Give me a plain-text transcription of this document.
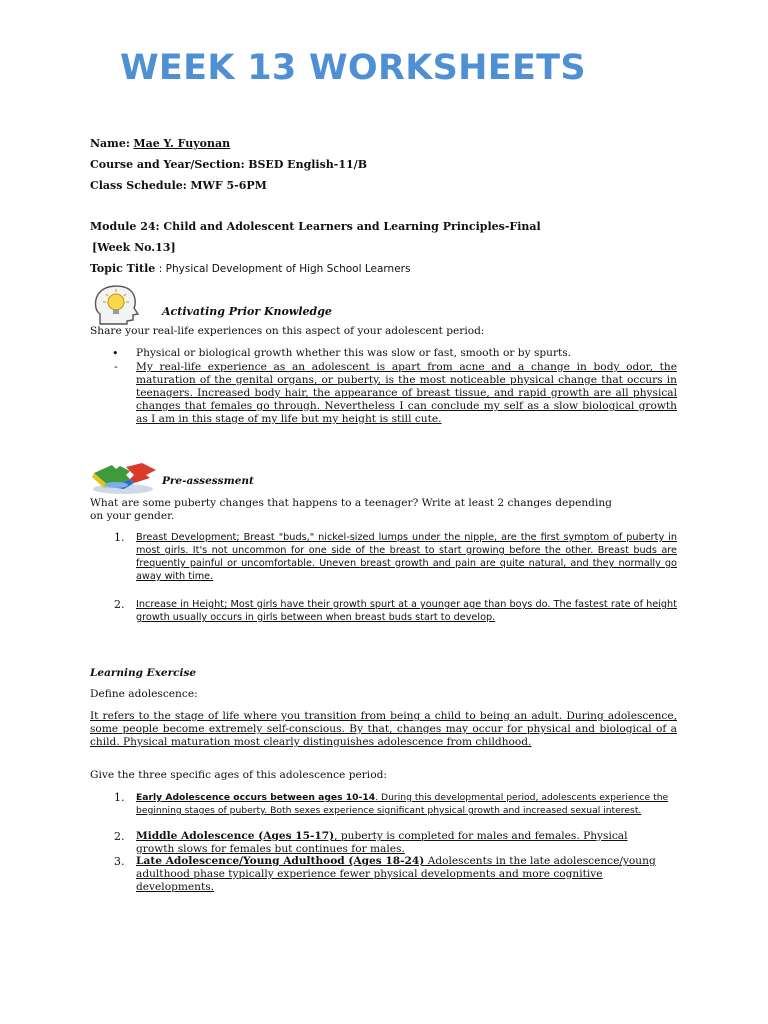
WEEK 13 WORKSHEETS
Name: Mae Y. Fuyonan
Course and Year/Section: BSED English-11/B
Class Schedule: MWF 5-6PM
Module 24: Child and Adolescent Learners and Learning Principles-Final
[Week No.13]
Topic Title : Physical Development of High School Learners
Activating Prior Knowledge
Share your real-life experiences on this aspect of your adolescent period:
• Physical or biological growth whether this was slow or fast, smooth or by spurts.
- My real-life experience as an adolescent is apart from acne and a change in body odor, the maturation of the genital organs, or puberty, is the most noticeable physical change that occurs in teenagers. Increased body hair, the appearance of breast tissue, and rapid growth are all physical changes that females go through. Nevertheless I can conclude my self as a slow biological growth as I am in this stage of my life but my height is still cute.

Pre-assessment

What are some puberty changes that happens to a teenager? Write at least 2 changes depending on your gender.

1. Breast Development; Breast "buds," nickel-sized lumps under the nipple, are the first symptom of puberty in most girls. It's not uncommon for one side of the breast to start growing before the other. Breast buds are frequently painful or uncomfortable. Uneven breast growth and pain are quite natural, and they normally go away with time.

2. Increase in Height; Most girls have their growth spurt at a younger age than boys do. The fastest rate of height growth usually occurs in girls between when breast buds start to develop.

Learning Exercise
Define adolescence:

It refers to the stage of life where you transition from being a child to being an adult. During adolescence, some people become extremely self-conscious. By that, changes may occur for physical and biological of a child. Physical maturation most clearly distinguishes adolescence from childhood.

Give the three specific ages of this adolescence period:
1. Early Adolescence occurs between ages 10-14. During this developmental period, adolescents experience the beginning stages of puberty. Both sexes experience significant physical growth and increased sexual interest.

2. Middle Adolescence (Ages 15-17), puberty is completed for males and females. Physical growth slows for females but continues for males.

3. Late Adolescence/Young Adulthood (Ages 18-24) Adolescents in the late adolescence/young adulthood phase typically experience fewer physical developments and more cognitive developments.
